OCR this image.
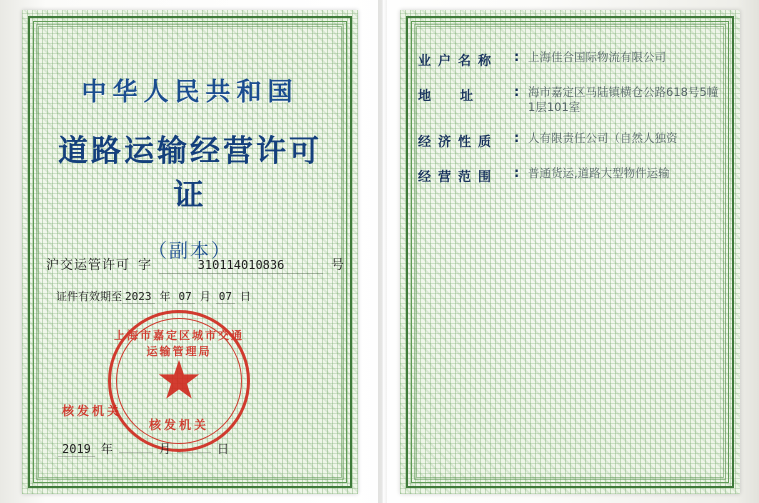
中华人民共和国
道路运输经营许可证
（副本）
沪交运管许可 字	310114010836	号
证件有效期至 2023 年 07 月 07 日
上海市嘉定区城市交通运输管理局
核发机关
核发机关
2019 年	月	日
业户名称	: 上海佳合国际物流有限公司
地　　址	: 海市嘉定区马陆镇横仓公路618号5幢1层101室
经济性质	: 人有限责任公司（自然人独资
经营范围	: 普通货运,道路大型物件运输
